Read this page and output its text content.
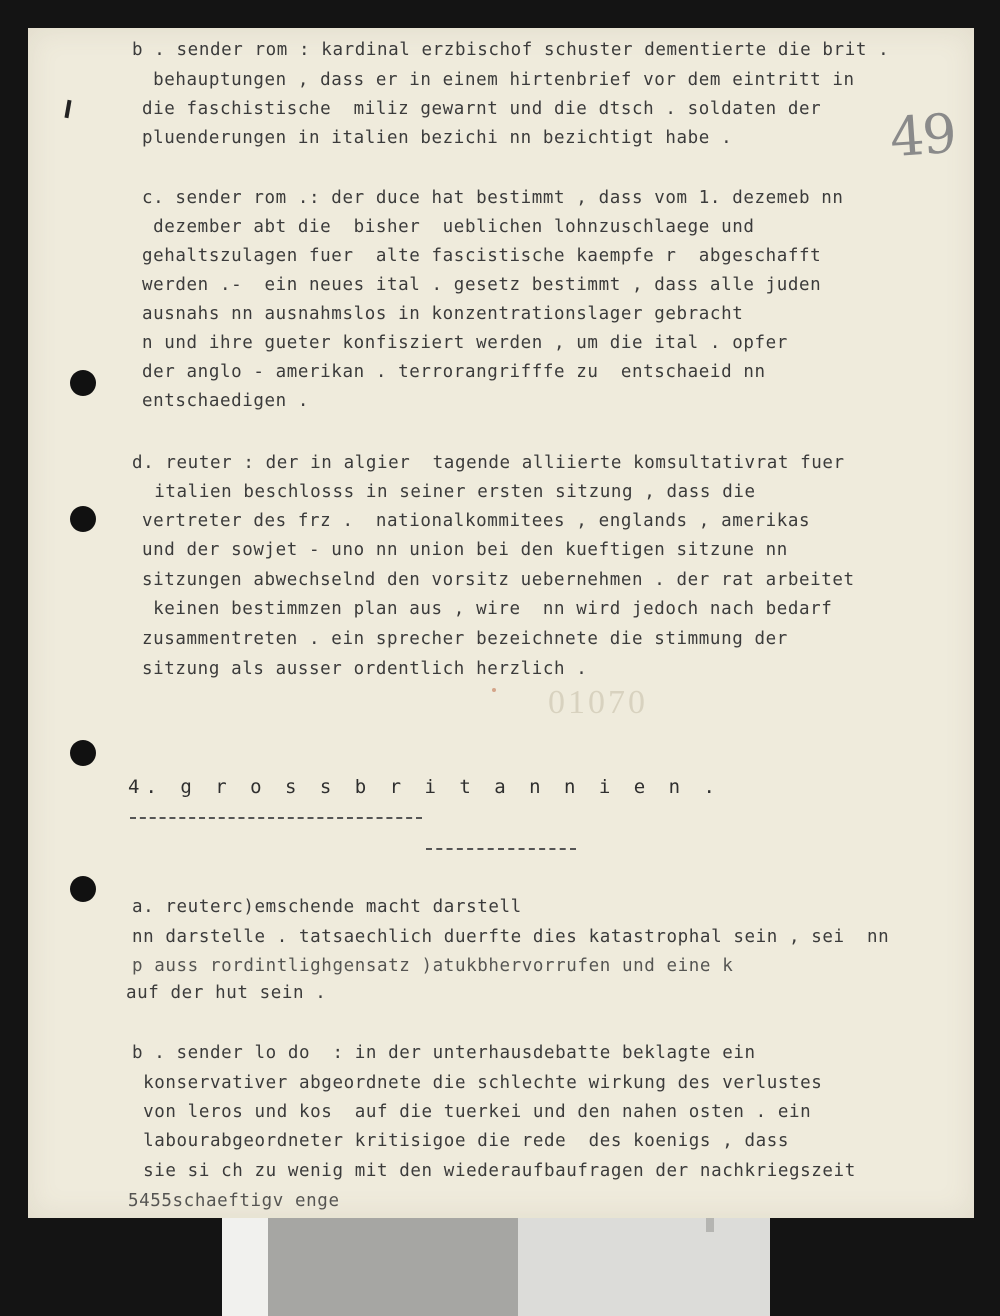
49
01070
b . sender rom : kardinal erzbischof schuster dementierte die brit .
behauptungen , dass er in einem hirtenbrief vor dem eintritt in
die faschistische  miliz gewarnt und die dtsch . soldaten der
pluenderungen in italien bezichi nn bezichtigt habe .
c. sender rom .: der duce hat bestimmt , dass vom 1. dezemeb nn
dezember abt die  bisher  ueblichen lohnzuschlaege und
gehaltszulagen fuer  alte fascistische kaempfe r  abgeschafft
werden .-  ein neues ital . gesetz bestimmt , dass alle juden
ausnahs nn ausnahmslos in konzentrationslager gebracht
n und ihre gueter konfisziert werden , um die ital . opfer
der anglo - amerikan . terrorangrifffe zu  entschaeid nn
entschaedigen .
d. reuter : der in algier  tagende alliierte komsultativrat fuer
italien beschlosss in seiner ersten sitzung , dass die
vertreter des frz .  nationalkommitees , englands , amerikas
und der sowjet - uno nn union bei den kueftigen sitzune nn
sitzungen abwechselnd den vorsitz uebernehmen . der rat arbeitet
keinen bestimmzen plan aus , wire  nn wird jedoch nach bedarf
zusammentreten . ein sprecher bezeichnete die stimmung der
sitzung als ausser ordentlich herzlich .
4. g r o s s b r i t a n n i e n .
a. reuterc)emschende macht darstell
nn darstelle . tatsaechlich duerfte dies katastrophal sein , sei  nn
p auss rordintlighgensatz )atukbhervorrufen und eine k
auf der hut sein .
b . sender lo do  : in der unterhausdebatte beklagte ein
konservativer abgeordnete die schlechte wirkung des verlustes
von leros und kos  auf die tuerkei und den nahen osten . ein
labourabgeordneter kritisigoe die rede  des koenigs , dass
sie si ch zu wenig mit den wiederaufbaufragen der nachkriegszeit
5455schaeftigv enge
